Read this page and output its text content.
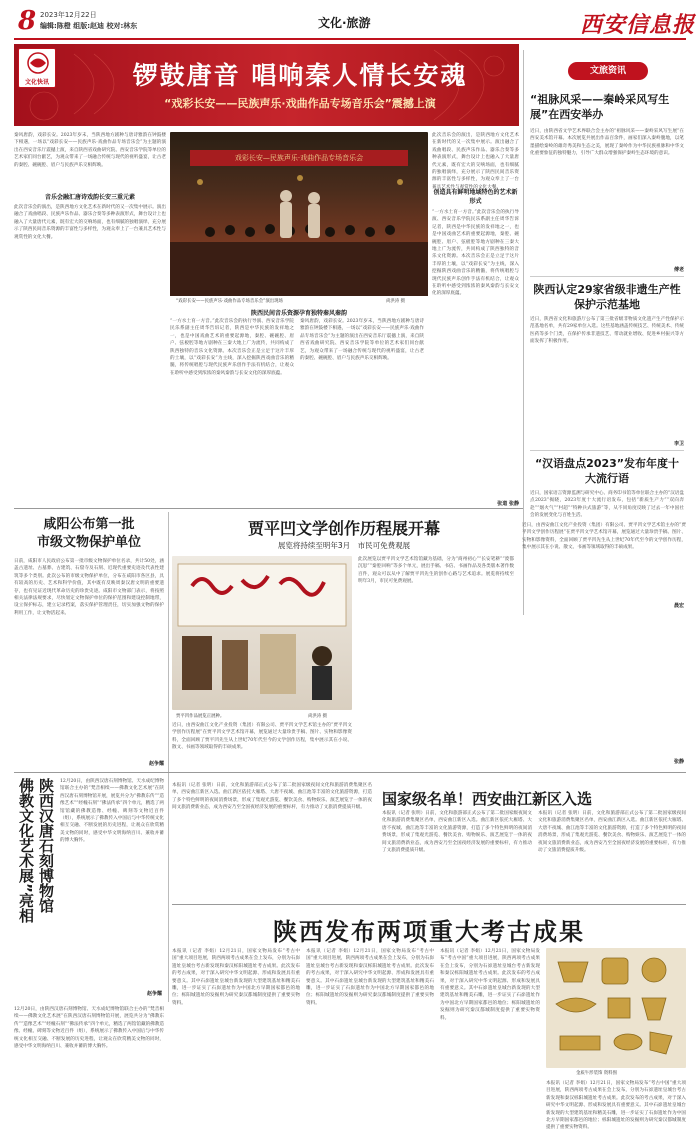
8 2023年12月22日
编辑:陈橙 组版:赵迪 校对:林东	文化·旅游	西安信息报
文化快讯	锣鼓唐音 唱响秦人情长安魂
“戏彩长安——民族声乐·戏曲作品专场音乐会”震撼上演
秦风唐韵，戏彩长安。2023年岁末，当陕西地方剧种与唐诗雅韵在钟鼓楼下相遇，一场以“戏彩长安——民族声乐·戏曲作品专场音乐会”为主题的演出在西安音乐厅震撼上演，来自陕西省戏曲研究院、西安音乐学院等单位的艺术家们同台献艺，为观众带来了一场融合传统与现代的视听盛宴，让古老的秦腔、碗碗腔、眉户与民族声乐交相辉映。
音乐会融汇唐诗戏韵长安三重元素
此次音乐会的演出，是陕西地方文化艺术在新时代的又一次集中展示。演出融合了戏曲唱段、民族声乐作品、器乐合奏等多种表演形式，舞台设计上也融入了大量唐代元素，既有宏大的交响场面，也有细腻的独唱演绎，充分展示了陕西民间音乐资源的丰富性与多样性，为观众奉上了一台兼具艺术性与观赏性的文化大餐。
戏彩长安—民族声乐·戏曲作品专场音乐会
“戏彩长安——民族声乐·戏曲作品专场音乐会”演出现场	尚洪涛 摄
陕西民间音乐资源孕育独特秦风秦韵
“一方水土育一方音。”此次音乐会的执行导演、西安音乐学院民乐系副主任周华告诉记者，陕西是中华民族的发祥地之一，也是中国戏曲艺术的重要起源地，秦腔、碗碗腔、眉户、弦板腔等地方剧种在三秦大地上广为流传，共同构成了陕西独特的音乐文化资源。本次音乐会正是立足于这片丰厚的土壤，以“戏彩长安”为主线，深入挖掘陕西戏曲音乐的精髓，将传统唱腔与现代民族声乐创作手法有机结合，让观众在聆听中感受到浓浓的秦风秦韵与长安文化的深厚底蕴。
秦风唐韵，戏彩长安。2023年岁末，当陕西地方剧种与唐诗雅韵在钟鼓楼下相遇，一场以“戏彩长安——民族声乐·戏曲作品专场音乐会”为主题的演出在西安音乐厅震撼上演，来自陕西省戏曲研究院、西安音乐学院等单位的艺术家们同台献艺，为观众带来了一场融合传统与现代的视听盛宴，让古老的秦腔、碗碗腔、眉户与民族声乐交相辉映。
此次音乐会的演出，是陕西地方文化艺术在新时代的又一次集中展示。演出融合了戏曲唱段、民族声乐作品、器乐合奏等多种表演形式，舞台设计上也融入了大量唐代元素，既有宏大的交响场面，也有细腻的独唱演绎，充分展示了陕西民间音乐资源的丰富性与多样性，为观众奉上了一台兼具艺术性与观赏性的文化大餐。
创造具有鲜明地域特色的艺术新形式
“一方水土育一方音。”此次音乐会的执行导演、西安音乐学院民乐系副主任周华告诉记者，陕西是中华民族的发祥地之一，也是中国戏曲艺术的重要起源地，秦腔、碗碗腔、眉户、弦板腔等地方剧种在三秦大地上广为流传，共同构成了陕西独特的音乐文化资源。本次音乐会正是立足于这片丰厚的土壤，以“戏彩长安”为主线，深入挖掘陕西戏曲音乐的精髓，将传统唱腔与现代民族声乐创作手法有机结合，让观众在聆听中感受到浓浓的秦风秦韵与长安文化的深厚底蕴。
张道 张静
文旅资讯
“祖脉风采——秦岭采风写生展”在西安举办
近日，由陕西省文学艺术界联合会主办的“祖脉风采——秦岭采风写生展”在西安美术馆开幕。本次展览共展出作品百余件，画家们深入秦岭腹地，以笔墨描绘秦岭的雄奇秀美和生态之美，展现了秦岭作为中华民族祖脉和中华文化重要象征的独特魅力，引导广大群众增强保护秦岭生态环境的意识。
傅老
陕西认定29家省级非遗生产性保护示范基地
近日，陕西省文化和旅游厅公布了第三批省级非物质文化遗产生产性保护示范基地名单，共有29家单位入选。这些基地涵盖传统技艺、传统美术、传统医药等多个门类，在保护传承非遗技艺、带动就业增收、促进乡村振兴等方面发挥了积极作用。
李卫
“汉语盘点2023”发布年度十大流行语
近日，国家语言资源监测与研究中心、商务印书馆等单位联合主办的“汉语盘点2023”揭晓，2023年度十大流行语发布，包括“新质生产力”“双向奔赴”“烟火气”“村超”“特种兵式旅游”等，从不同角度反映了过去一年中国社会的发展变化与百姓生活。
晨宏
咸阳公布第一批
市级文物保护单位
日前，咸阳市人民政府公布第一批市级文物保护单位名录，共计50处，涵盖古遗址、古墓葬、古建筑、石窟寺及石刻、近现代重要史迹及代表性建筑等多个类别。此次公布的市级文物保护单位，分布在咸阳市各区县，具有较高的历史、艺术和科学价值，其中既有反映周秦汉唐文明的重要遗存，也有见证近现代革命历史的珍贵史迹。咸阳市文物部门表示，将按照相关法律法规要求，尽快划定文物保护单位的保护范围和建设控制地带，设立保护标志，建立记录档案，落实保护管理责任，切实加强文物的保护利用工作，让文物活起来。
赵争耀
贾平凹文学创作历程展开幕
展览将持续至明年3月　市民可免费观展
贾平凹作品展览正展种。	尚洪涛 摄
近日，由西安曲江文化产业投资（集团）有限公司、贾平凹文学艺术馆主办的“贾平凹文学创作历程展”在贾平凹文学艺术馆开幕，展览通过大量珍贵手稿、图片、实物和影像资料，全面回顾了贾平凹先生从上世纪70年代至今的文学创作历程，集中展示其在小说、散文、书画等领域取得的丰硕成果。
此次展览以贾平凹文学艺术馆馆藏为基础，分为“商州初心”“长安笔耕”“废都沉思”“秦腔回响”等多个单元，展出手稿、书信、书画作品及各类版本著作数百件，观众可以从中了解贾平凹先生的创作心路与艺术追求。展览将持续至明年3月，市民可免费观展。
近日，由西安曲江文化产业投资（集团）有限公司、贾平凹文学艺术馆主办的“贾平凹文学创作历程展”在贾平凹文学艺术馆开幕，展览通过大量珍贵手稿、图片、实物和影像资料，全面回顾了贾平凹先生从上世纪70年代至今的文学创作历程，集中展示其在小说、散文、书画等领域取得的丰硕成果。
张静
佛教文化艺术展”亮相 陕西汉唐石刻博物馆 12月20日，由陕西汉唐石刻博物馆、天水成纪博物馆联合主办的“梵音相续——佛教文化艺术展”在陕西汉唐石刻博物馆开展，展览共分为“佛教东传”“造像艺术”“经幢石刻”“佛法传承”四个单元，精选了两馆馆藏的佛教造像、经幢、碑刻等文物近百件（组），系统展示了佛教传入中国后与中华传统文化相互交融、不断发展的历史进程，让观众在欣赏精美文物的同时，感受中华文明海纳百川、兼收并蓄的博大胸怀。
赵争耀
国家级名单！西安曲江新区入选
本报讯（记者 张明）日前，文化和旅游部正式公布了第二批国家级夜间文化和旅游消费集聚区名单，西安曲江新区入选。曲江新区依托大雁塔、大唐不夜城、曲江池等丰富的文化旅游资源，打造了多个特色鲜明的夜间消费场景，形成了集观光游览、餐饮美食、购物娱乐、演艺展览于一体的夜间文旅消费新业态，成为西安乃至全国夜经济发展的重要标杆，有力推动了文旅消费提质升级。
本报讯（记者 张明）日前，文化和旅游部正式公布了第二批国家级夜间文化和旅游消费集聚区名单，西安曲江新区入选。曲江新区依托大雁塔、大唐不夜城、曲江池等丰富的文化旅游资源，打造了多个特色鲜明的夜间消费场景，形成了集观光游览、餐饮美食、购物娱乐、演艺展览于一体的夜间文旅消费新业态，成为西安乃至全国夜经济发展的重要标杆，有力推动了文旅消费提质升级。
本报讯（记者 张明）日前，文化和旅游部正式公布了第二批国家级夜间文化和旅游消费集聚区名单，西安曲江新区入选。曲江新区依托大雁塔、大唐不夜城、曲江池等丰富的文化旅游资源，打造了多个特色鲜明的夜间消费场景，形成了集观光游览、餐饮美食、购物娱乐、演艺展览于一体的夜间文旅消费新业态，成为西安乃至全国夜经济发展的重要标杆，有力推动了文旅消费提质升级。
陕西发布两项重大考古成果
本报讯（记者 李娟）12月21日，国家文物局发布“考古中国”重大项目进展，陕西两项考古成果在会上发布，分别为石峁遗址皇城台考古新发现和秦汉栎阳城遗址考古成果。此次发布的考古成果，对于深入研究中华文明起源、形成和发展具有重要意义。其中石峁遗址皇城台新发现的大型建筑基址和精美石雕，进一步证实了石峁遗址作为中国北方早期国家都邑的地位；栎阳城遗址的发掘则为研究秦汉都城制度提供了重要实物资料。
本报讯（记者 李娟）12月21日，国家文物局发布“考古中国”重大项目进展，陕西两项考古成果在会上发布，分别为石峁遗址皇城台考古新发现和秦汉栎阳城遗址考古成果。此次发布的考古成果，对于深入研究中华文明起源、形成和发展具有重要意义。其中石峁遗址皇城台新发现的大型建筑基址和精美石雕，进一步证实了石峁遗址作为中国北方早期国家都邑的地位；栎阳城遗址的发掘则为研究秦汉都城制度提供了重要实物资料。
本报讯（记者 李娟）12月21日，国家文物局发布“考古中国”重大项目进展，陕西两项考古成果在会上发布，分别为石峁遗址皇城台考古新发现和秦汉栎阳城遗址考古成果。此次发布的考古成果，对于深入研究中华文明起源、形成和发展具有重要意义。其中石峁遗址皇城台新发现的大型建筑基址和精美石雕，进一步证实了石峁遗址作为中国北方早期国家都邑的地位；栎阳城遗址的发掘则为研究秦汉都城制度提供了重要实物资料。
金质牛形装饰 资料图
本报讯（记者 李娟）12月21日，国家文物局发布“考古中国”重大项目进展，陕西两项考古成果在会上发布，分别为石峁遗址皇城台考古新发现和秦汉栎阳城遗址考古成果。此次发布的考古成果，对于深入研究中华文明起源、形成和发展具有重要意义。其中石峁遗址皇城台新发现的大型建筑基址和精美石雕，进一步证实了石峁遗址作为中国北方早期国家都邑的地位；栎阳城遗址的发掘则为研究秦汉都城制度提供了重要实物资料。
12月20日，由陕西汉唐石刻博物馆、天水成纪博物馆联合主办的“梵音相续——佛教文化艺术展”在陕西汉唐石刻博物馆开展，展览共分为“佛教东传”“造像艺术”“经幢石刻”“佛法传承”四个单元，精选了两馆馆藏的佛教造像、经幢、碑刻等文物近百件（组），系统展示了佛教传入中国后与中华传统文化相互交融、不断发展的历史进程，让观众在欣赏精美文物的同时，感受中华文明海纳百川、兼收并蓄的博大胸怀。
